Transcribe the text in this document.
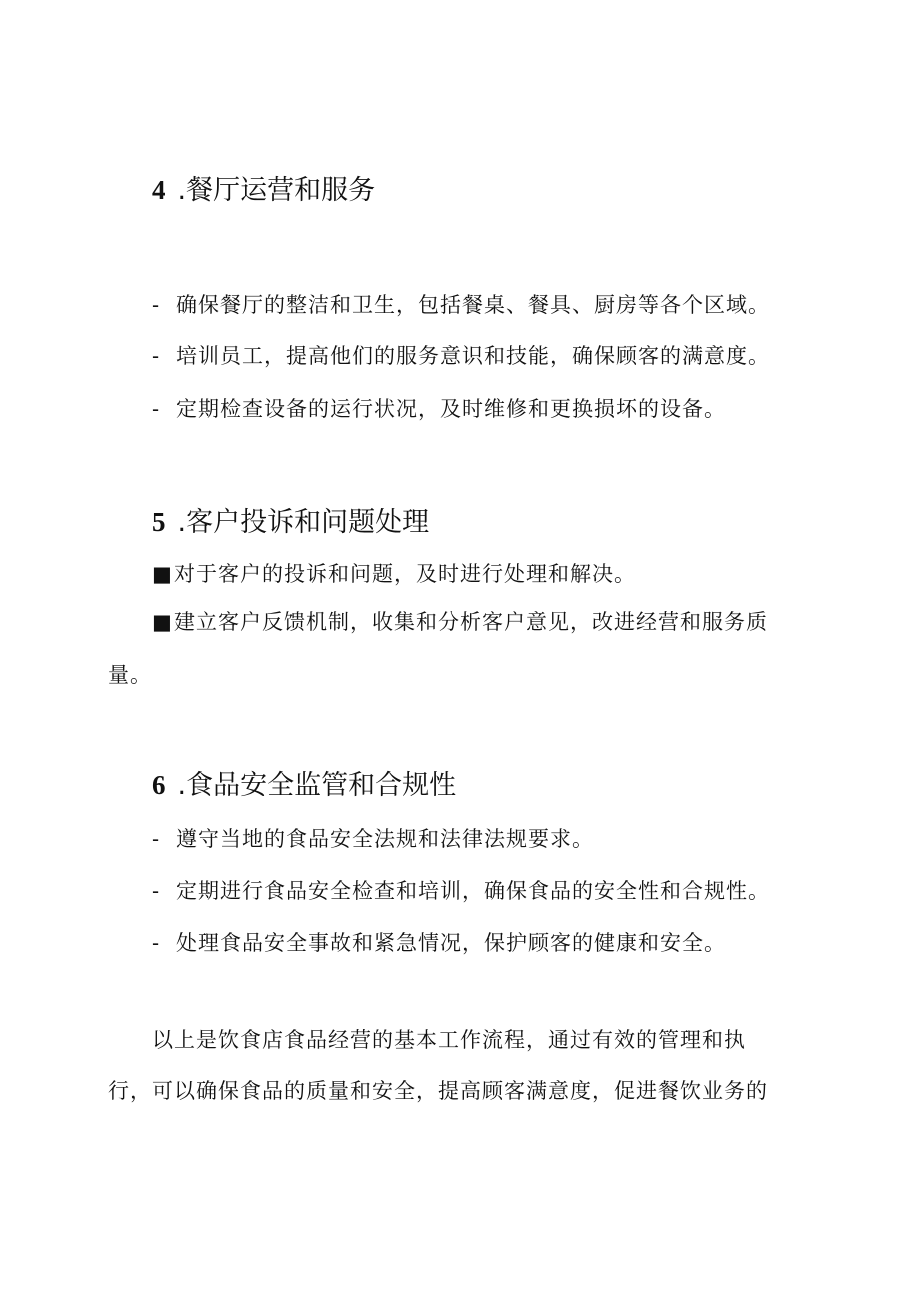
4 .餐厅运营和服务
- 确保餐厅的整洁和卫生，包括餐桌、餐具、厨房等各个区域。
- 培训员工，提高他们的服务意识和技能，确保顾客的满意度。
- 定期检查设备的运行状况，及时维修和更换损坏的设备。
5 .客户投诉和问题处理
■对于客户的投诉和问题，及时进行处理和解决。
■建立客户反馈机制，收集和分析客户意见，改进经营和服务质
量。
6 .食品安全监管和合规性
- 遵守当地的食品安全法规和法律法规要求。
- 定期进行食品安全检查和培训，确保食品的安全性和合规性。
- 处理食品安全事故和紧急情况，保护顾客的健康和安全。
以上是饮食店食品经营的基本工作流程，通过有效的管理和执
行，可以确保食品的质量和安全，提高顾客满意度，促进餐饮业务的
